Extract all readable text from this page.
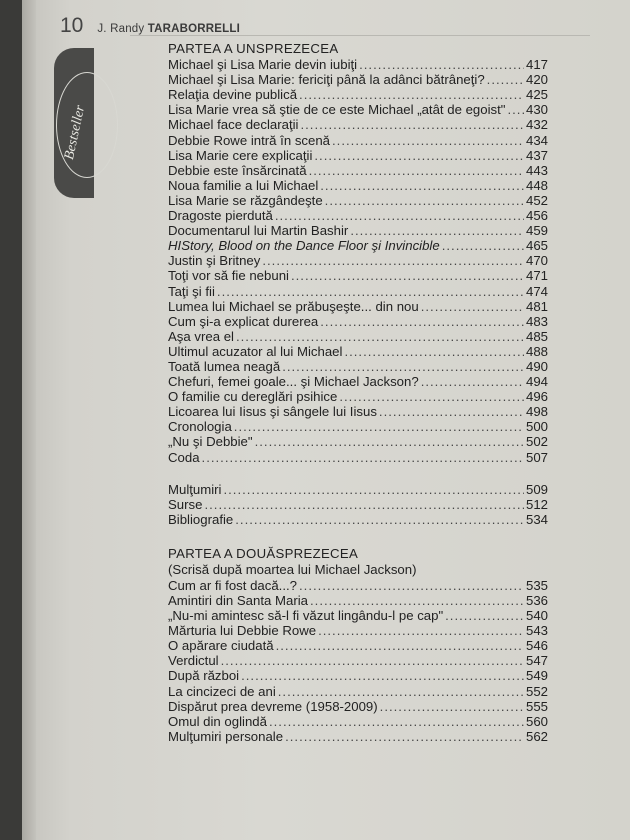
10 J. Randy TARABORRELLI
Bestseller
PARTEA A UNSPREZECEA
Michael şi Lisa Marie devin iubiţi .....	417
Michael şi Lisa Marie: fericiţi până la adânci bătrâneţi? .....	420
Relaţia devine publică .....	425
Lisa Marie vrea să ştie de ce este Michael „atât de egoist" ..... 430
Michael face declaraţii .....	432
Debbie Rowe intră în scenă .....	434
Lisa Marie cere explicaţii .....	437
Debbie este însărcinată .....	443
Noua familie a lui Michael .....	448
Lisa Marie se răzgândeşte .....	452
Dragoste pierdută .....	456
Documentarul lui Martin Bashir .....	459
HIStory, Blood on the Dance Floor şi Invincible .....	465
Justin şi Britney .....	470
Toţi vor să fie nebuni .....	471
Taţi şi fii .....	474
Lumea lui Michael se prăbuşeşte... din nou .....	481
Cum şi-a explicat durerea .....	483
Aşa vrea el .....	485
Ultimul acuzator al lui Michael .....	488
Toată lumea neagă .....	490
Chefuri, femei goale... şi Michael Jackson? .....	494
O familie cu dereglări psihice .....	496
Licoarea lui Iisus şi sângele lui Iisus .....	498
Cronologia .....	500
„Nu şi Debbie" .....	502
Coda .....	507
Mulţumiri .....	509
Surse .....	512
Bibliografie .....	534
PARTEA A DOUĂSPREZECEA
(Scrisă după moartea lui Michael Jackson)
Cum ar fi fost dacă...? .....	535
Amintiri din Santa Maria .....	536
„Nu-mi amintesc să-l fi văzut lingându-l pe cap" .....	540
Mărturia lui Debbie Rowe .....	543
O apărare ciudată .....	546
Verdictul .....	547
După război .....	549
La cincizeci de ani .....	552
Dispărut prea devreme (1958-2009) .....	555
Omul din oglindă .....	560
Mulţumiri personale .....	562
